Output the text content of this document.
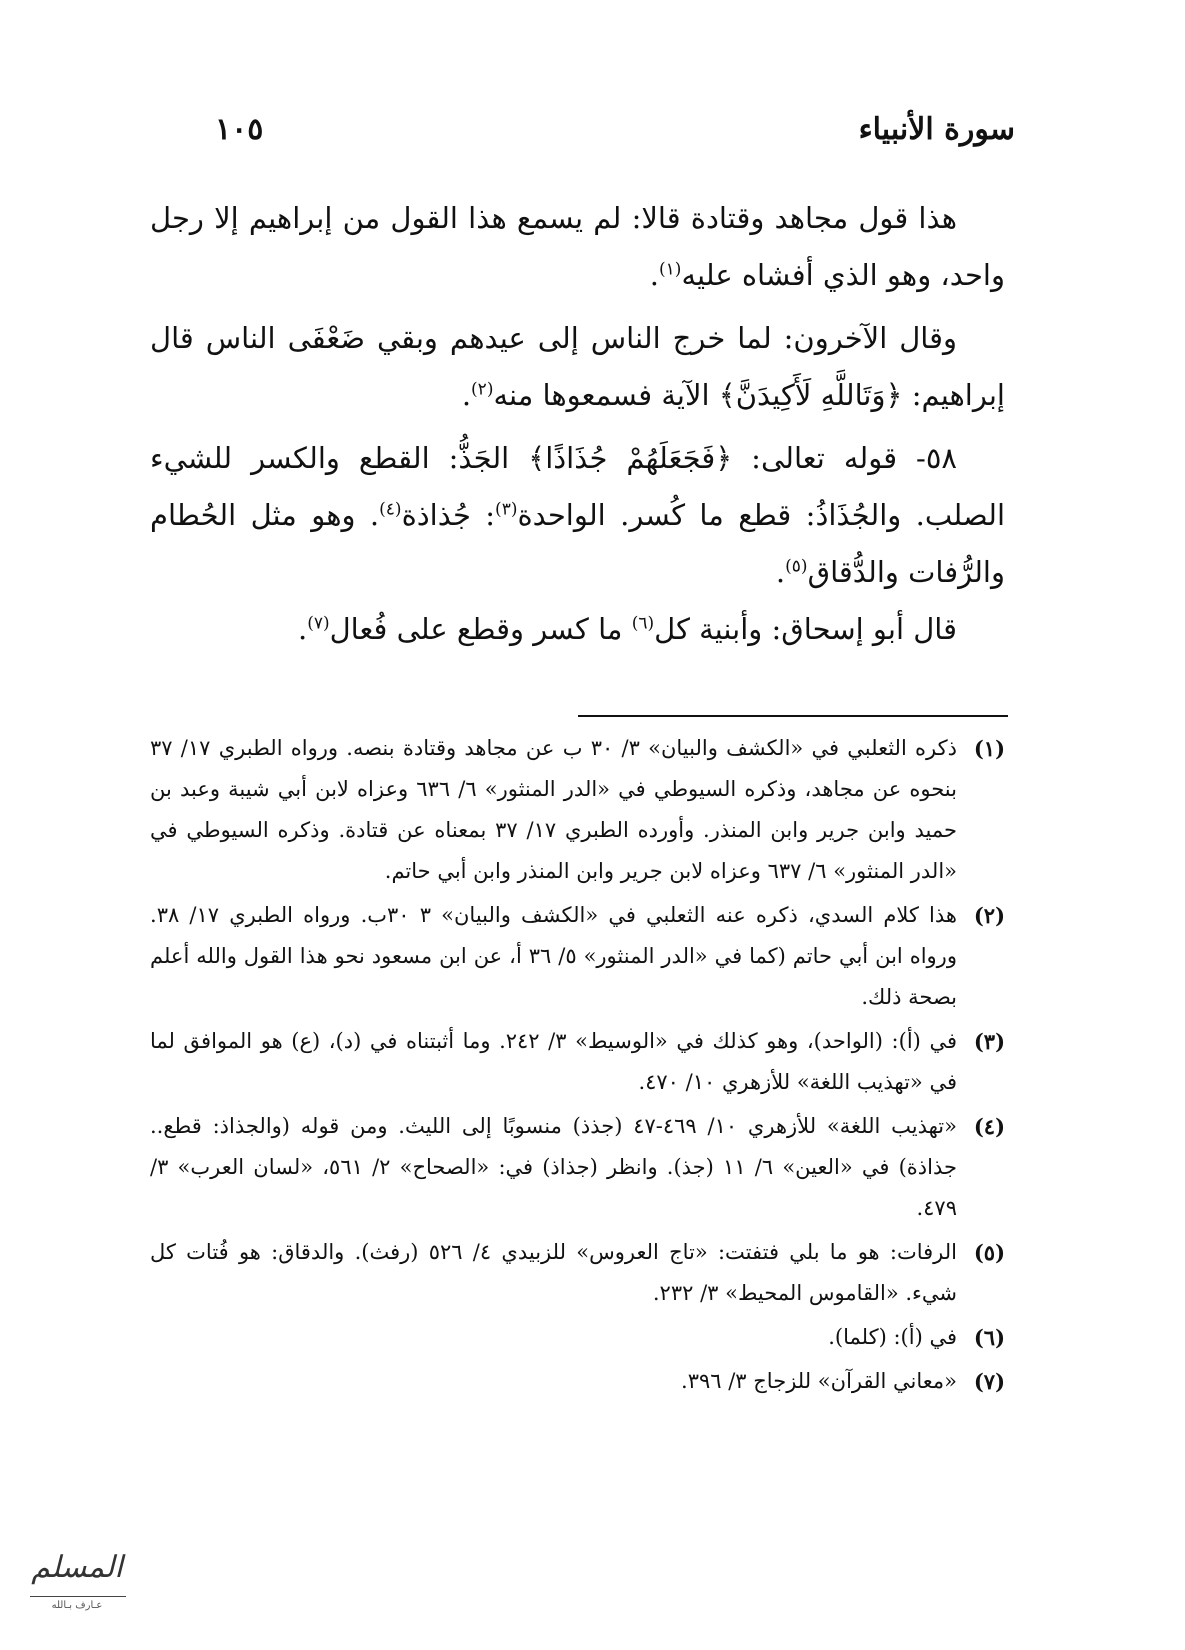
سورة الأنبياء
١٠٥

هذا قول مجاهد وقتادة قالا: لم يسمع هذا القول من إبراهيم إلا رجل واحد، وهو الذي أفشاه عليه$^{(١)}$.

وقال الآخرون: لما خرج الناس إلى عيدهم وبقي ضَعْفَى الناس قال إبراهيم: ﴿وَتَاللَّهِ لَأَكِيدَنَّ﴾ الآية فسمعوها منه$^{(٢)}$.

٥٨- قوله تعالى: ﴿فَجَعَلَهُمْ جُذَاذًا﴾ الجَذُّ: القطع والكسر للشيء الصلب. والجُذَاذُ: قطع ما كُسر. الواحدة$^{(٣)}$: جُذاذة$^{(٤)}$. وهو مثل الحُطام والرُّفات والدُّقاق$^{(٥)}$.

قال أبو إسحاق: وأبنية كل$^{(٦)}$ ما كسر وقطع على فُعال$^{(٧)}$.

(١)
ذكره الثعلبي في «الكشف والبيان» ٣/ ٣٠ ب عن مجاهد وقتادة بنصه. ورواه الطبري ١٧/ ٣٧ بنحوه عن مجاهد، وذكره السيوطي في «الدر المنثور» ٦/ ٦٣٦ وعزاه لابن أبي شيبة وعبد بن حميد وابن جرير وابن المنذر. وأورده الطبري ١٧/ ٣٧ بمعناه عن قتادة. وذكره السيوطي في «الدر المنثور» ٦/ ٦٣٧ وعزاه لابن جرير وابن المنذر وابن أبي حاتم.
(٢)
هذا كلام السدي، ذكره عنه الثعلبي في «الكشف والبيان» ٣ ٣٠ب. ورواه الطبري ١٧/ ٣٨. ورواه ابن أبي حاتم (كما في «الدر المنثور» ٥/ ٣٦ أ، عن ابن مسعود نحو هذا القول والله أعلم بصحة ذلك.
(٣)
في (أ): (الواحد)، وهو كذلك في «الوسيط» ٣/ ٢٤٢. وما أثبتناه في (د)، (ع) هو الموافق لما في «تهذيب اللغة» للأزهري ١٠/ ٤٧٠.
(٤)
«تهذيب اللغة» للأزهري ١٠/ ٤٦٩-٤٧ (جذذ) منسوبًا إلى الليث. ومن قوله (والجذاذ: قطع.. جذاذة) في «العين» ٦/ ١١ (جذ). وانظر (جذاذ) في: «الصحاح» ٢/ ٥٦١، «لسان العرب» ٣/ ٤٧٩.
(٥)
الرفات: هو ما بلي فتفتت: «تاج العروس» للزبيدي ٤/ ٥٢٦ (رفث). والدقاق: هو فُتات كل شيء. «القاموس المحيط» ٣/ ٢٣٢.
(٦)
في (أ): (كلما).
(٧)
«معاني القرآن» للزجاج ٣/ ٣٩٦.
المسلم
عـارف بـالله
